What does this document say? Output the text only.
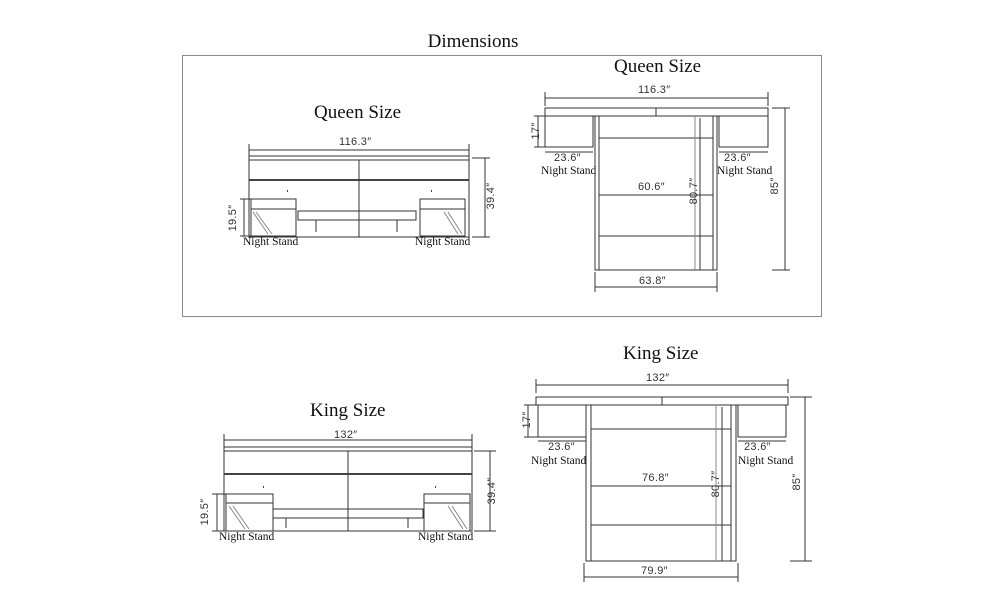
Dimensions
Queen Size
Queen Size
116.3″
39.4″
19.5″
Night Stand	Night Stand
116.3″
17″
23.6″	23.6″
Night Stand	Night Stand
60.6″ 80.7″	85″
63.8″
King Size
King Size
132″
39.4″
19.5″
Night Stand	Night Stand
132″
17″
23.6″	23.6″
Night Stand	Night Stand
76.8″	80.7″	85″
79.9″
